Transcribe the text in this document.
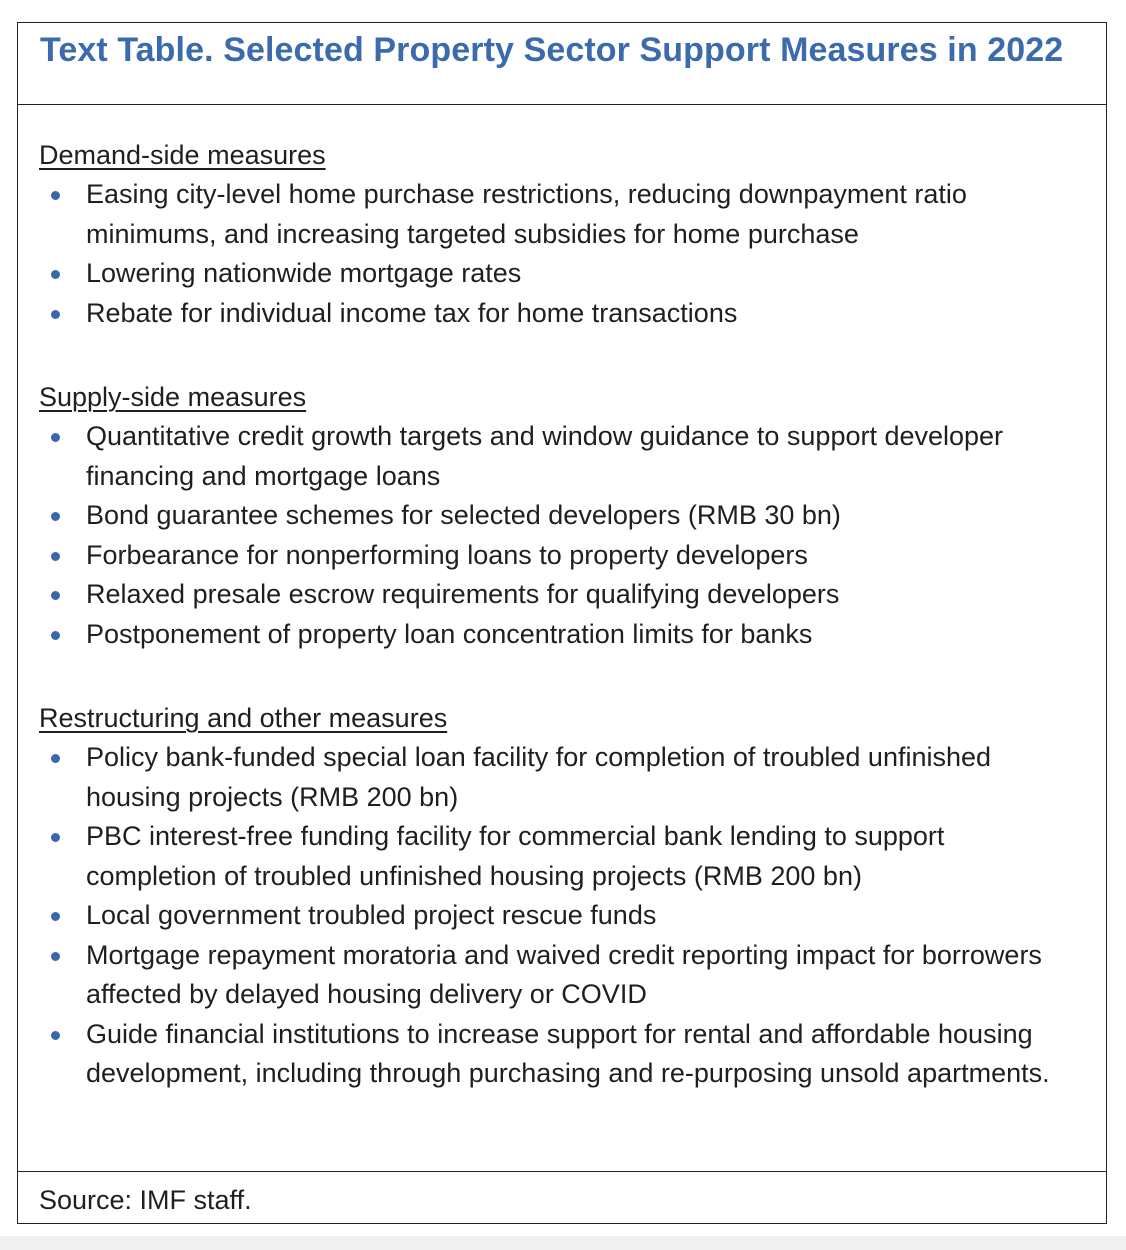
Text Table. Selected Property Sector Support Measures in 2022
Demand-side measures
Easing city-level home purchase restrictions, reducing downpayment ratio minimums, and increasing targeted subsidies for home purchase
Lowering nationwide mortgage rates
Rebate for individual income tax for home transactions
Supply-side measures
Quantitative credit growth targets and window guidance to support developer financing and mortgage loans
Bond guarantee schemes for selected developers (RMB 30 bn)
Forbearance for nonperforming loans to property developers
Relaxed presale escrow requirements for qualifying developers
Postponement of property loan concentration limits for banks
Restructuring and other measures
Policy bank-funded special loan facility for completion of troubled unfinished housing projects (RMB 200 bn)
PBC interest-free funding facility for commercial bank lending to support completion of troubled unfinished housing projects (RMB 200 bn)
Local government troubled project rescue funds
Mortgage repayment moratoria and waived credit reporting impact for borrowers affected by delayed housing delivery or COVID
Guide financial institutions to increase support for rental and affordable housing development, including through purchasing and re-purposing unsold apartments.
Source: IMF staff.
